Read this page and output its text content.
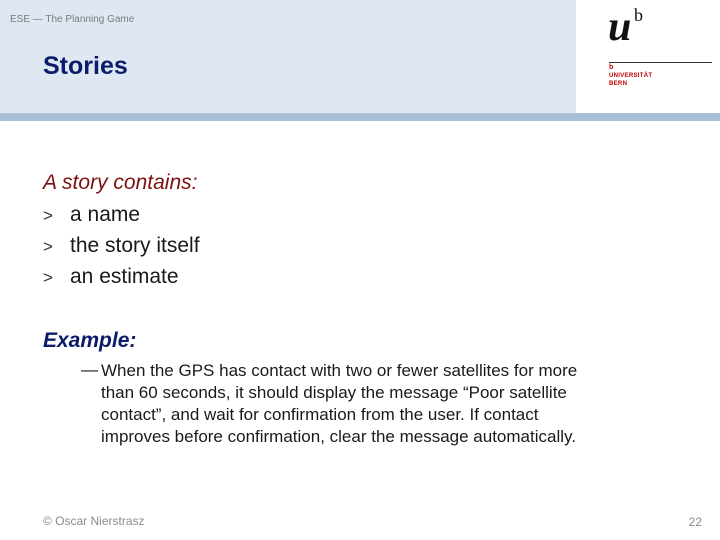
ESE — The Planning Game
Stories
u b
b
UNIVERSITÄT
BERN
A story contains:
> a name
> the story itself
> an estimate
Example:
— When the GPS has contact with two or fewer satellites for more
than 60 seconds, it should display the message “Poor satellite
contact”, and wait for confirmation from the user. If contact
improves before confirmation, clear the message automatically.
© Oscar Nierstrasz	22
